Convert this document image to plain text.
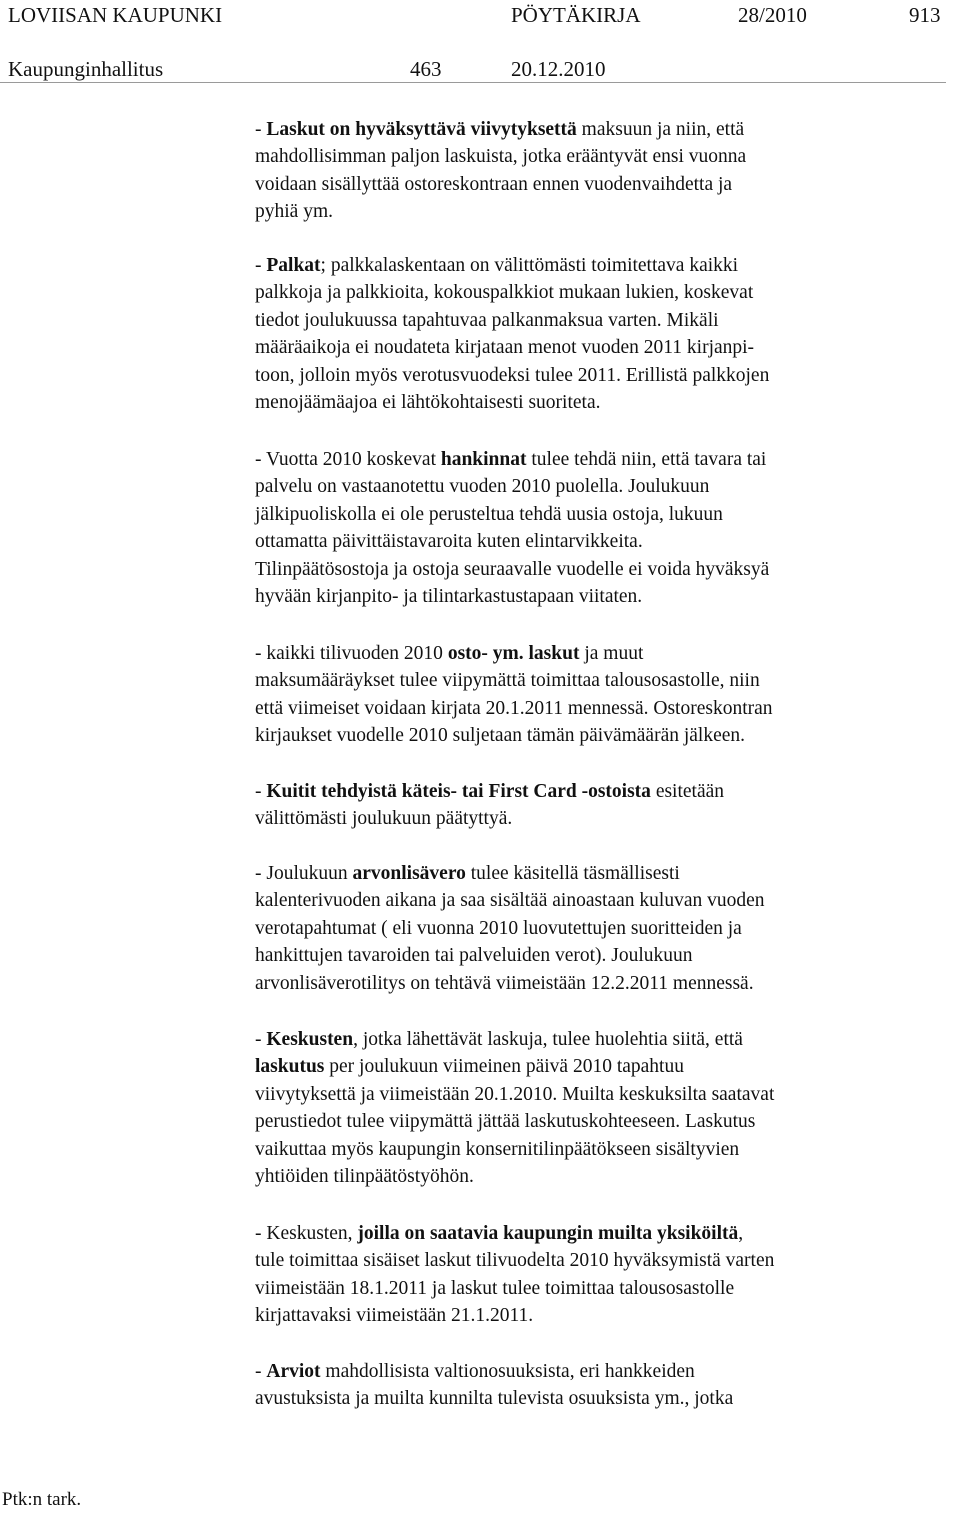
LOVIISAN KAUPUNKI	PÖYTÄKIRJA	28/2010	913
Kaupunginhallitus	463	20.12.2010
- Laskut on hyväksyttävä viivytyksettä maksuun ja niin, että
mahdollisimman paljon laskuista, jotka erääntyvät ensi vuonna
voidaan sisällyttää ostoreskontraan ennen vuodenvaihdetta ja
pyhiä ym.
- Palkat; palkkalaskentaan on välittömästi toimitettava kaikki
palkkoja ja palkkioita, kokouspalkkiot mukaan lukien, koskevat
tiedot joulukuussa tapahtuvaa palkanmaksua varten. Mikäli
määräaikoja ei noudateta kirjataan menot vuoden 2011 kirjanpi-
toon, jolloin myös verotusvuodeksi tulee 2011. Erillistä palkkojen
menojäämäajoa ei lähtökohtaisesti suoriteta.
- Vuotta 2010 koskevat hankinnat tulee tehdä niin, että tavara tai
palvelu on vastaanotettu vuoden 2010 puolella. Joulukuun
jälkipuoliskolla ei ole perusteltua tehdä uusia ostoja, lukuun
ottamatta päivittäistavaroita kuten elintarvikkeita.
Tilinpäätösostoja ja ostoja seuraavalle vuodelle ei voida hyväksyä
hyvään kirjanpito- ja tilintarkastustapaan viitaten.
- kaikki tilivuoden 2010 osto- ym. laskut ja muut
maksumääräykset tulee viipymättä toimittaa talousosastolle, niin
että viimeiset voidaan kirjata 20.1.2011 mennessä. Ostoreskontran
kirjaukset vuodelle 2010 suljetaan tämän päivämäärän jälkeen.
- Kuitit tehdyistä käteis- tai First Card -ostoista esitetään
välittömästi joulukuun päätyttyä.
- Joulukuun arvonlisävero tulee käsitellä täsmällisesti
kalenterivuoden aikana ja saa sisältää ainoastaan kuluvan vuoden
verotapahtumat ( eli vuonna 2010 luovutettujen suoritteiden ja
hankittujen tavaroiden tai palveluiden verot). Joulukuun
arvonlisäverotilitys on tehtävä viimeistään 12.2.2011 mennessä.
- Keskusten, jotka lähettävät laskuja, tulee huolehtia siitä, että
laskutus per joulukuun viimeinen päivä 2010 tapahtuu
viivytyksettä ja viimeistään 20.1.2010. Muilta keskuksilta saatavat
perustiedot tulee viipymättä jättää laskutuskohteeseen. Laskutus
vaikuttaa myös kaupungin konsernitilinpäätökseen sisältyvien
yhtiöiden tilinpäätöstyöhön.
- Keskusten, joilla on saatavia kaupungin muilta yksiköiltä,
tule toimittaa sisäiset laskut tilivuodelta 2010 hyväksymistä varten
viimeistään 18.1.2011 ja laskut tulee toimittaa talousosastolle
kirjattavaksi viimeistään 21.1.2011.
- Arviot mahdollisista valtionosuuksista, eri hankkeiden
avustuksista ja muilta kunnilta tulevista osuuksista ym., jotka
Ptk:n tark.
